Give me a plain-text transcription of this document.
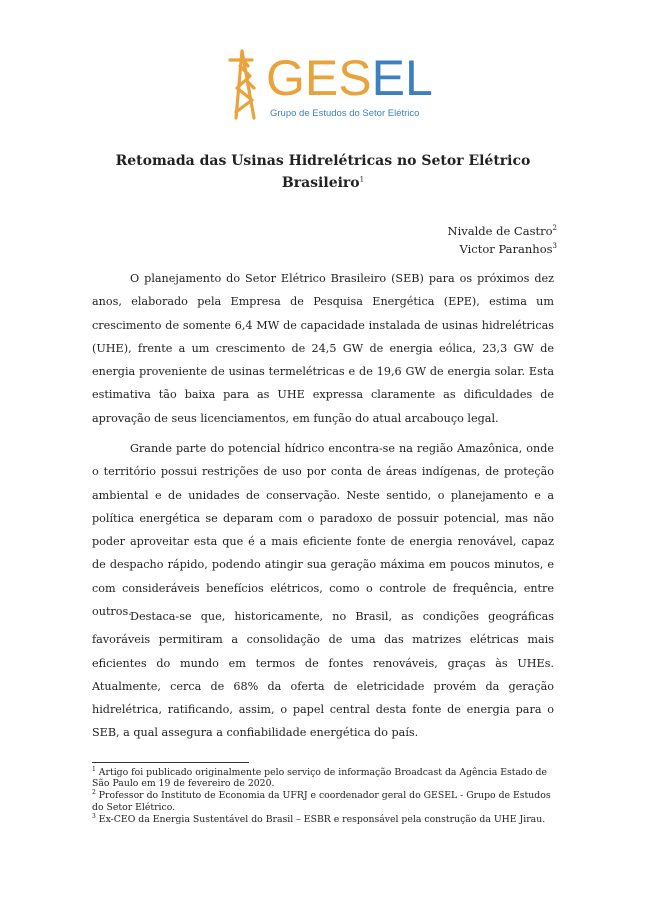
GESEL
Grupo de Estudos do Setor Elétrico
Retomada das Usinas Hidrelétricas no Setor Elétrico
Brasileiro$^1$
Nivalde de Castro$^2$
Victor Paranhos$^3$

O planejamento do Setor Elétrico Brasileiro (SEB) para os próximos dez anos, elaborado pela Empresa de Pesquisa Energética (EPE), estima um crescimento de somente 6,4 MW de capacidade instalada de usinas hidrelétricas (UHE), frente a um crescimento de 24,5 GW de energia eólica, 23,3 GW de energia proveniente de usinas termelétricas e de 19,6 GW de energia solar. Esta estimativa tão baixa para as UHE expressa claramente as dificuldades de aprovação de seus licenciamentos, em função do atual arcabouço legal.

Grande parte do potencial hídrico encontra-se na região Amazônica, onde o território possui restrições de uso por conta de áreas indígenas, de proteção ambiental e de unidades de conservação. Neste sentido, o planejamento e a política energética se deparam com o paradoxo de possuir potencial, mas não poder aproveitar esta que é a mais eficiente fonte de energia renovável, capaz de despacho rápido, podendo atingir sua geração máxima em poucos minutos, e com consideráveis benefícios elétricos, como o controle de frequência, entre outros.

Destaca-se que, historicamente, no Brasil, as condições geográficas favoráveis permitiram a consolidação de uma das matrizes elétricas mais eficientes do mundo em termos de fontes renováveis, graças às UHEs. Atualmente, cerca de 68% da oferta de eletricidade provém da geração hidrelétrica, ratificando, assim, o papel central desta fonte de energia para o SEB, a qual assegura a confiabilidade energética do país.

$^1$ Artigo foi publicado originalmente pelo serviço de informação Broadcast da Agência Estado de São Paulo em 19 de fevereiro de 2020.
$^2$ Professor do Instituto de Economia da UFRJ e coordenador geral do GESEL - Grupo de Estudos do Setor Elétrico.
$^3$ Ex-CEO da Energia Sustentável do Brasil – ESBR e responsável pela construção da UHE Jirau.
